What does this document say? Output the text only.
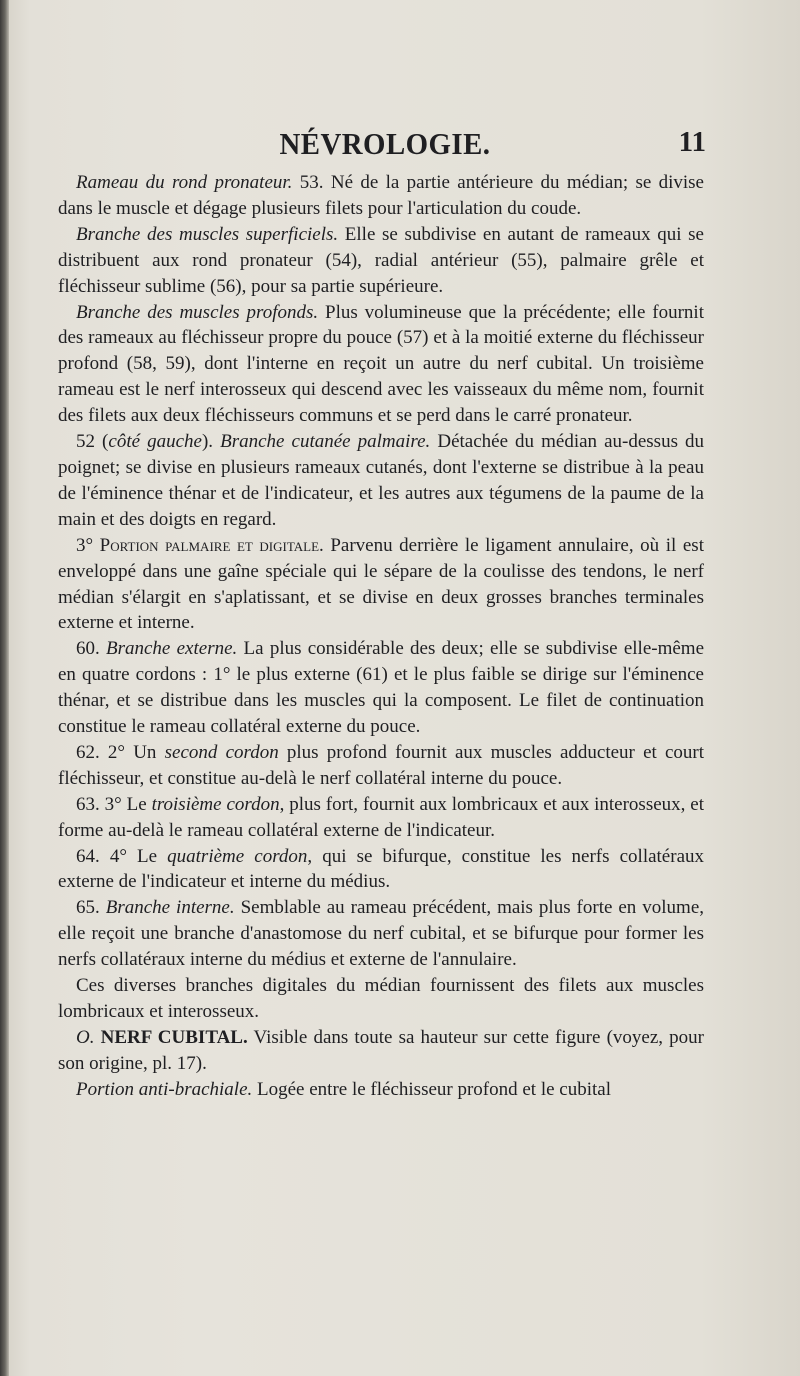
NÉVROLOGIE.	11

Rameau du rond pronateur. 53. Né de la partie antérieure du médian; se divise dans le muscle et dégage plusieurs filets pour l'articulation du coude.

Branche des muscles superficiels. Elle se subdivise en autant de rameaux qui se distribuent aux rond pronateur (54), radial antérieur (55), palmaire grêle et fléchisseur sublime (56), pour sa partie supérieure.

Branche des muscles profonds. Plus volumineuse que la précédente; elle fournit des rameaux au fléchisseur propre du pouce (57) et à la moitié externe du fléchisseur profond (58, 59), dont l'interne en reçoit un autre du nerf cubital. Un troisième rameau est le nerf interosseux qui descend avec les vaisseaux du même nom, fournit des filets aux deux fléchisseurs communs et se perd dans le carré pronateur.

52 (côté gauche). Branche cutanée palmaire. Détachée du médian au-dessus du poignet; se divise en plusieurs rameaux cutanés, dont l'externe se distribue à la peau de l'éminence thénar et de l'indicateur, et les autres aux tégumens de la paume de la main et des doigts en regard.

3° Portion palmaire et digitale. Parvenu derrière le ligament annulaire, où il est enveloppé dans une gaîne spéciale qui le sépare de la coulisse des tendons, le nerf médian s'élargit en s'aplatissant, et se divise en deux grosses branches terminales externe et interne.

60. Branche externe. La plus considérable des deux; elle se subdivise elle-même en quatre cordons : 1° le plus externe (61) et le plus faible se dirige sur l'éminence thénar, et se distribue dans les muscles qui la composent. Le filet de continuation constitue le rameau collatéral externe du pouce.

62. 2° Un second cordon plus profond fournit aux muscles adducteur et court fléchisseur, et constitue au-delà le nerf collatéral interne du pouce.

63. 3° Le troisième cordon, plus fort, fournit aux lombricaux et aux interosseux, et forme au-delà le rameau collatéral externe de l'indicateur.

64. 4° Le quatrième cordon, qui se bifurque, constitue les nerfs collatéraux externe de l'indicateur et interne du médius.

65. Branche interne. Semblable au rameau précédent, mais plus forte en volume, elle reçoit une branche d'anastomose du nerf cubital, et se bifurque pour former les nerfs collatéraux interne du médius et externe de l'annulaire.

Ces diverses branches digitales du médian fournissent des filets aux muscles lombricaux et interosseux.

O. NERF CUBITAL. Visible dans toute sa hauteur sur cette figure (voyez, pour son origine, pl. 17).

Portion anti-brachiale. Logée entre le fléchisseur profond et le cubital
